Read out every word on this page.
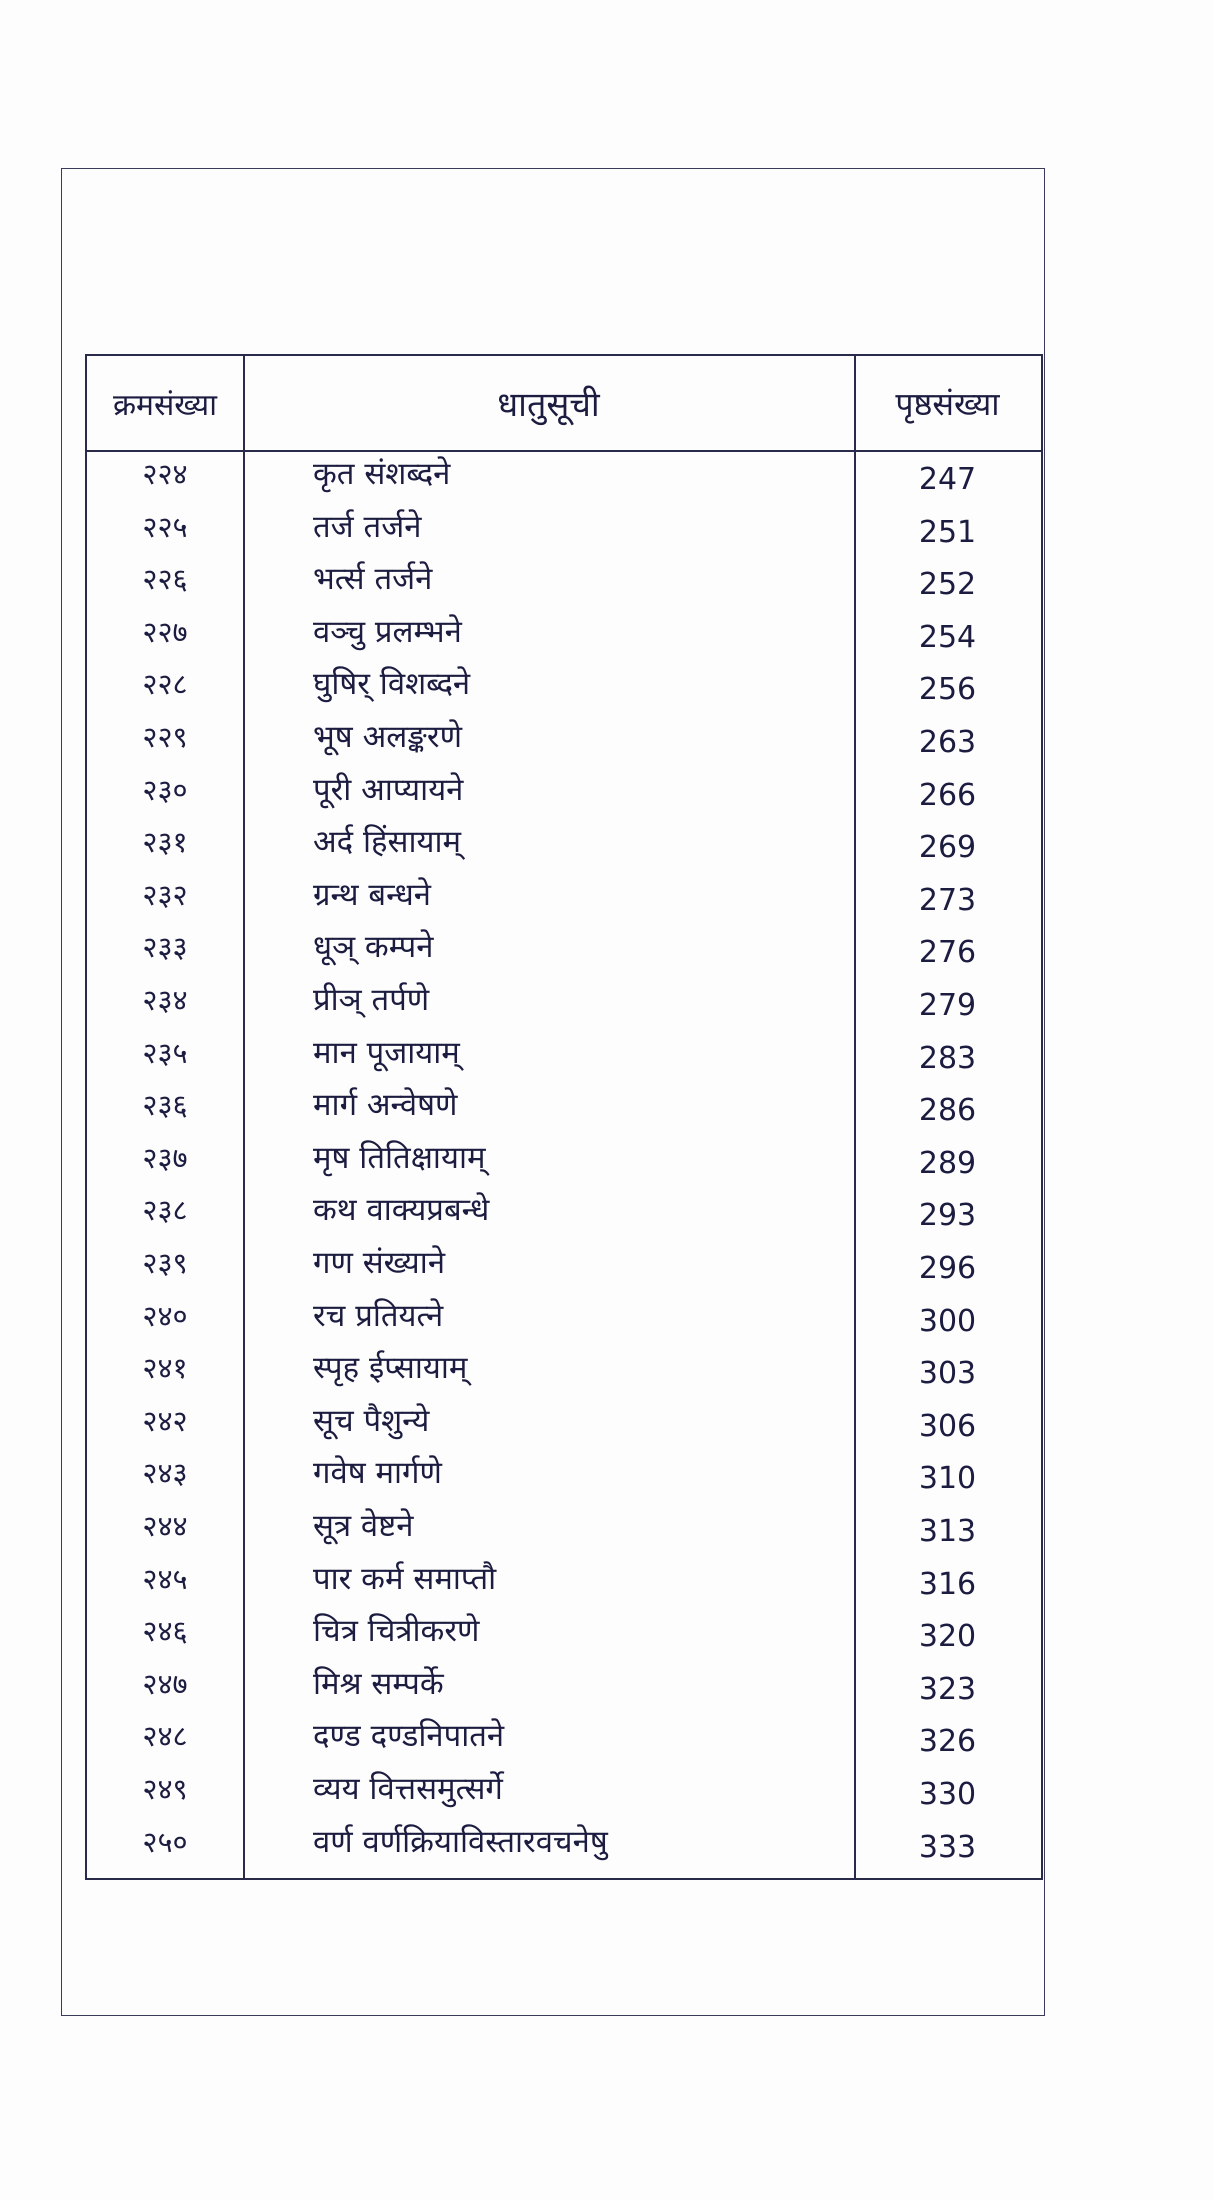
क्रमसंख्या	धातुसूची	पृष्ठसंख्या
२२४	कृत संशब्दने	247
२२५	तर्ज तर्जने	251
२२६	भर्त्स तर्जने	252
२२७	वञ्चु प्रलम्भने	254
२२८	घुषिर् विशब्दने	256
२२९	भूष अलङ्करणे	263
२३०	पूरी आप्यायने	266
२३१	अर्द हिंसायाम्	269
२३२	ग्रन्थ बन्धने	273
२३३	धूञ् कम्पने	276
२३४	प्रीञ् तर्पणे	279
२३५	मान पूजायाम्	283
२३६	मार्ग अन्वेषणे	286
२३७	मृष तितिक्षायाम्	289
२३८	कथ वाक्यप्रबन्धे	293
२३९	गण संख्याने	296
२४०	रच प्रतियत्ने	300
२४१	स्पृह ईप्सायाम्	303
२४२	सूच पैशुन्ये	306
२४३	गवेष मार्गणे	310
२४४	सूत्र वेष्टने	313
२४५	पार कर्म समाप्तौ	316
२४६	चित्र चित्रीकरणे	320
२४७	मिश्र सम्पर्के	323
२४८	दण्ड दण्डनिपातने	326
२४९	व्यय वित्तसमुत्सर्गे	330
२५०	वर्ण वर्णक्रियाविस्तारवचनेषु	333
